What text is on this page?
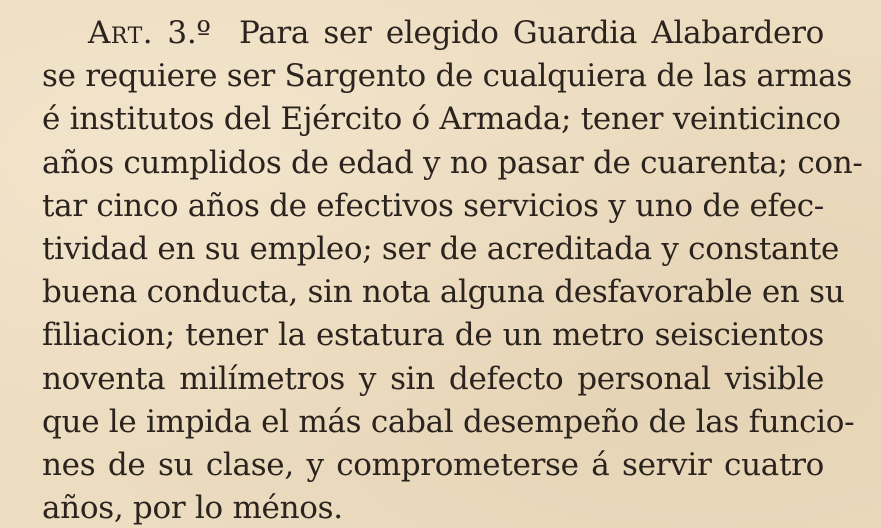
Art. 3.º Para ser elegido Guardia Alabardero
se requiere ser Sargento de cualquiera de las armas
é institutos del Ejército ó Armada; tener veinticinco
años cumplidos de edad y no pasar de cuarenta; con-
tar cinco años de efectivos servicios y uno de efec-
tividad en su empleo; ser de acreditada y constante
buena conducta, sin nota alguna desfavorable en su
filiacion; tener la estatura de un metro seiscientos
noventa milímetros y sin defecto personal visible
que le impida el más cabal desempeño de las funcio-
nes de su clase, y comprometerse á servir cuatro
años, por lo ménos.
